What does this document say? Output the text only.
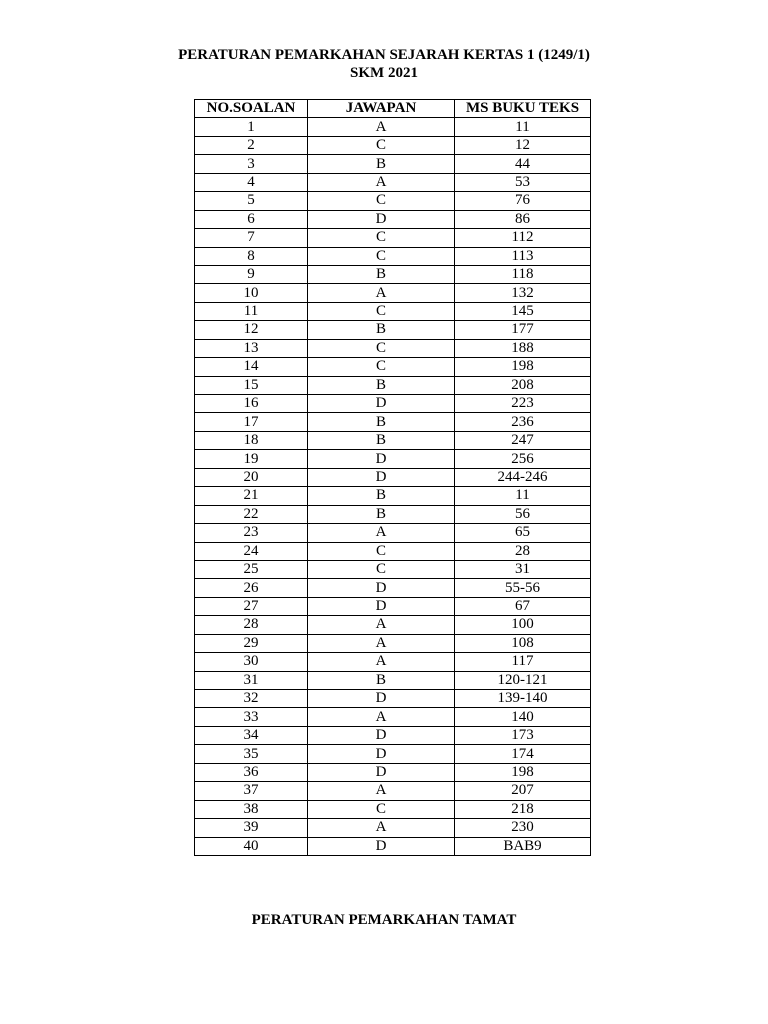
PERATURAN PEMARKAHAN SEJARAH KERTAS 1 (1249/1)
SKM 2021
NO.SOALAN	JAWAPAN	MS BUKU TEKS
1	A	11
2	C	12
3	B	44
4	A	53
5	C	76
6	D	86
7	C	112
8	C	113
9	B	118
10	A	132
11	C	145
12	B	177
13	C	188
14	C	198
15	B	208
16	D	223
17	B	236
18	B	247
19	D	256
20	D	244-246
21	B	11
22	B	56
23	A	65
24	C	28
25	C	31
26	D	55-56
27	D	67
28	A	100
29	A	108
30	A	117
31	B	120-121
32	D	139-140
33	A	140
34	D	173
35	D	174
36	D	198
37	A	207
38	C	218
39	A	230
40	D	BAB9
PERATURAN PEMARKAHAN TAMAT
